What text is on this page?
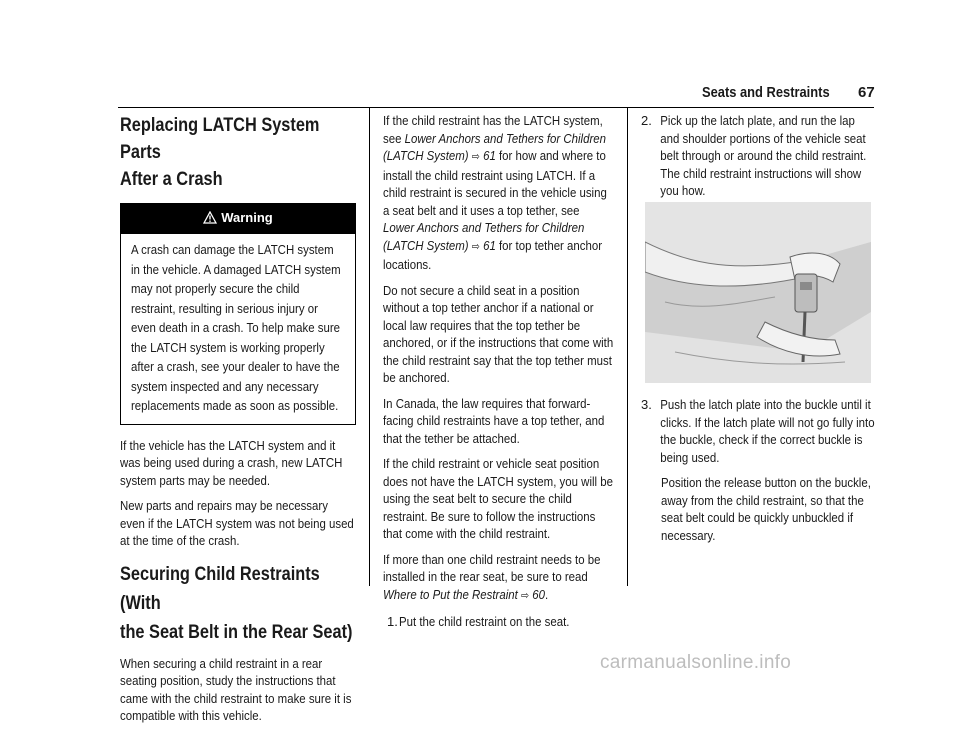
Seats and Restraints 67
Replacing LATCH System Parts
After a Crash
Warning

A crash can damage the LATCH system in the vehicle. A damaged LATCH system may not properly secure the child restraint, resulting in serious injury or even death in a crash. To help make sure the LATCH system is working properly after a crash, see your dealer to have the system inspected and any necessary replacements made as soon as possible.

If the vehicle has the LATCH system and it was being used during a crash, new LATCH system parts may be needed.

New parts and repairs may be necessary even if the LATCH system was not being used at the time of the crash.

Securing Child Restraints (With
the Seat Belt in the Rear Seat)

When securing a child restraint in a rear seating position, study the instructions that came with the child restraint to make sure it is compatible with this vehicle.

If the child restraint has the LATCH system, see Lower Anchors and Tethers for Children (LATCH System) ⇨ 61 for how and where to install the child restraint using LATCH. If a child restraint is secured in the vehicle using a seat belt and it uses a top tether, see Lower Anchors and Tethers for Children (LATCH System) ⇨ 61 for top tether anchor locations.

Do not secure a child seat in a position without a top tether anchor if a national or local law requires that the top tether be anchored, or if the instructions that come with the child restraint say that the top tether must be anchored.

In Canada, the law requires that forward-facing child restraints have a top tether, and that the tether be attached.

If the child restraint or vehicle seat position does not have the LATCH system, you will be using the seat belt to secure the child restraint. Be sure to follow the instructions that come with the child restraint.

If more than one child restraint needs to be installed in the rear seat, be sure to read Where to Put the Restraint ⇨ 60.

1. Put the child restraint on the seat.
2. Pick up the latch plate, and run the lap and shoulder portions of the vehicle seat belt through or around the child restraint. The child restraint instructions will show you how.
3. Push the latch plate into the buckle until it clicks. If the latch plate will not go fully into the buckle, check if the correct buckle is being used.

Position the release button on the buckle, away from the child restraint, so that the seat belt could be quickly unbuckled if necessary.

carmanualsonline.info
